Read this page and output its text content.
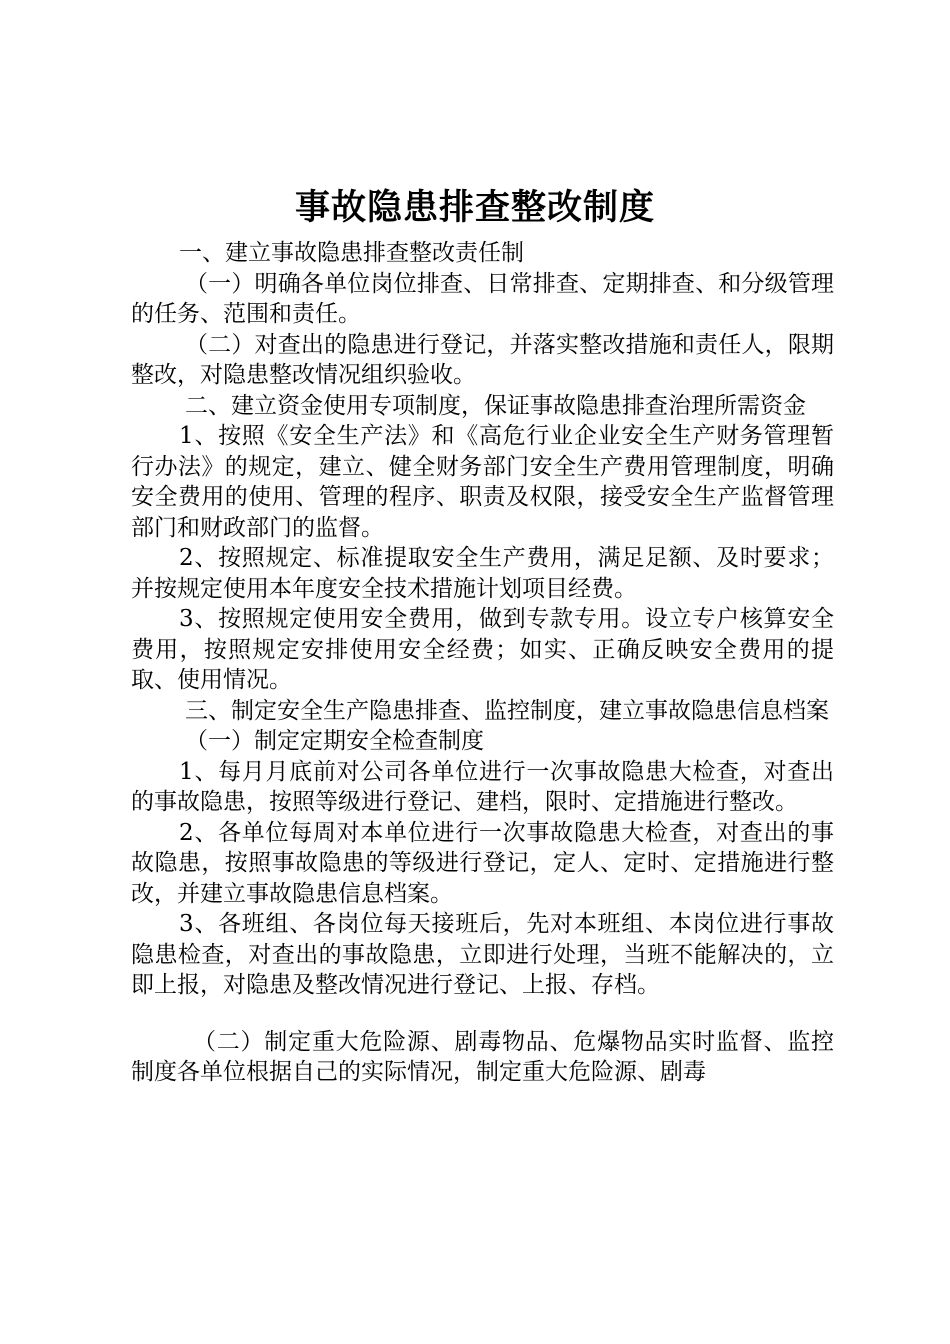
事故隐患排查整改制度

一、建立事故隐患排查整改责任制

（一）明确各单位岗位排查、日常排查、定期排查、和分级管理的任务、范围和责任。

（二）对查出的隐患进行登记，并落实整改措施和责任人，限期整改，对隐患整改情况组织验收。

二、建立资金使用专项制度，保证事故隐患排查治理所需资金

1、按照《安全生产法》和《高危行业企业安全生产财务管理暂行办法》的规定，建立、健全财务部门安全生产费用管理制度，明确安全费用的使用、管理的程序、职责及权限，接受安全生产监督管理部门和财政部门的监督。

2、按照规定、标准提取安全生产费用，满足足额、及时要求；并按规定使用本年度安全技术措施计划项目经费。

3、按照规定使用安全费用，做到专款专用。设立专户核算安全费用，按照规定安排使用安全经费；如实、正确反映安全费用的提取、使用情况。

三、制定安全生产隐患排查、监控制度，建立事故隐患信息档案

（一）制定定期安全检查制度

1、每月月底前对公司各单位进行一次事故隐患大检查，对查出的事故隐患，按照等级进行登记、建档，限时、定措施进行整改。

2、各单位每周对本单位进行一次事故隐患大检查，对查出的事故隐患，按照事故隐患的等级进行登记，定人、定时、定措施进行整改，并建立事故隐患信息档案。

3、各班组、各岗位每天接班后，先对本班组、本岗位进行事故隐患检查，对查出的事故隐患，立即进行处理，当班不能解决的，立即上报，对隐患及整改情况进行登记、上报、存档。

（二）制定重大危险源、剧毒物品、危爆物品实时监督、监控制度各单位根据自己的实际情况，制定重大危险源、剧毒
